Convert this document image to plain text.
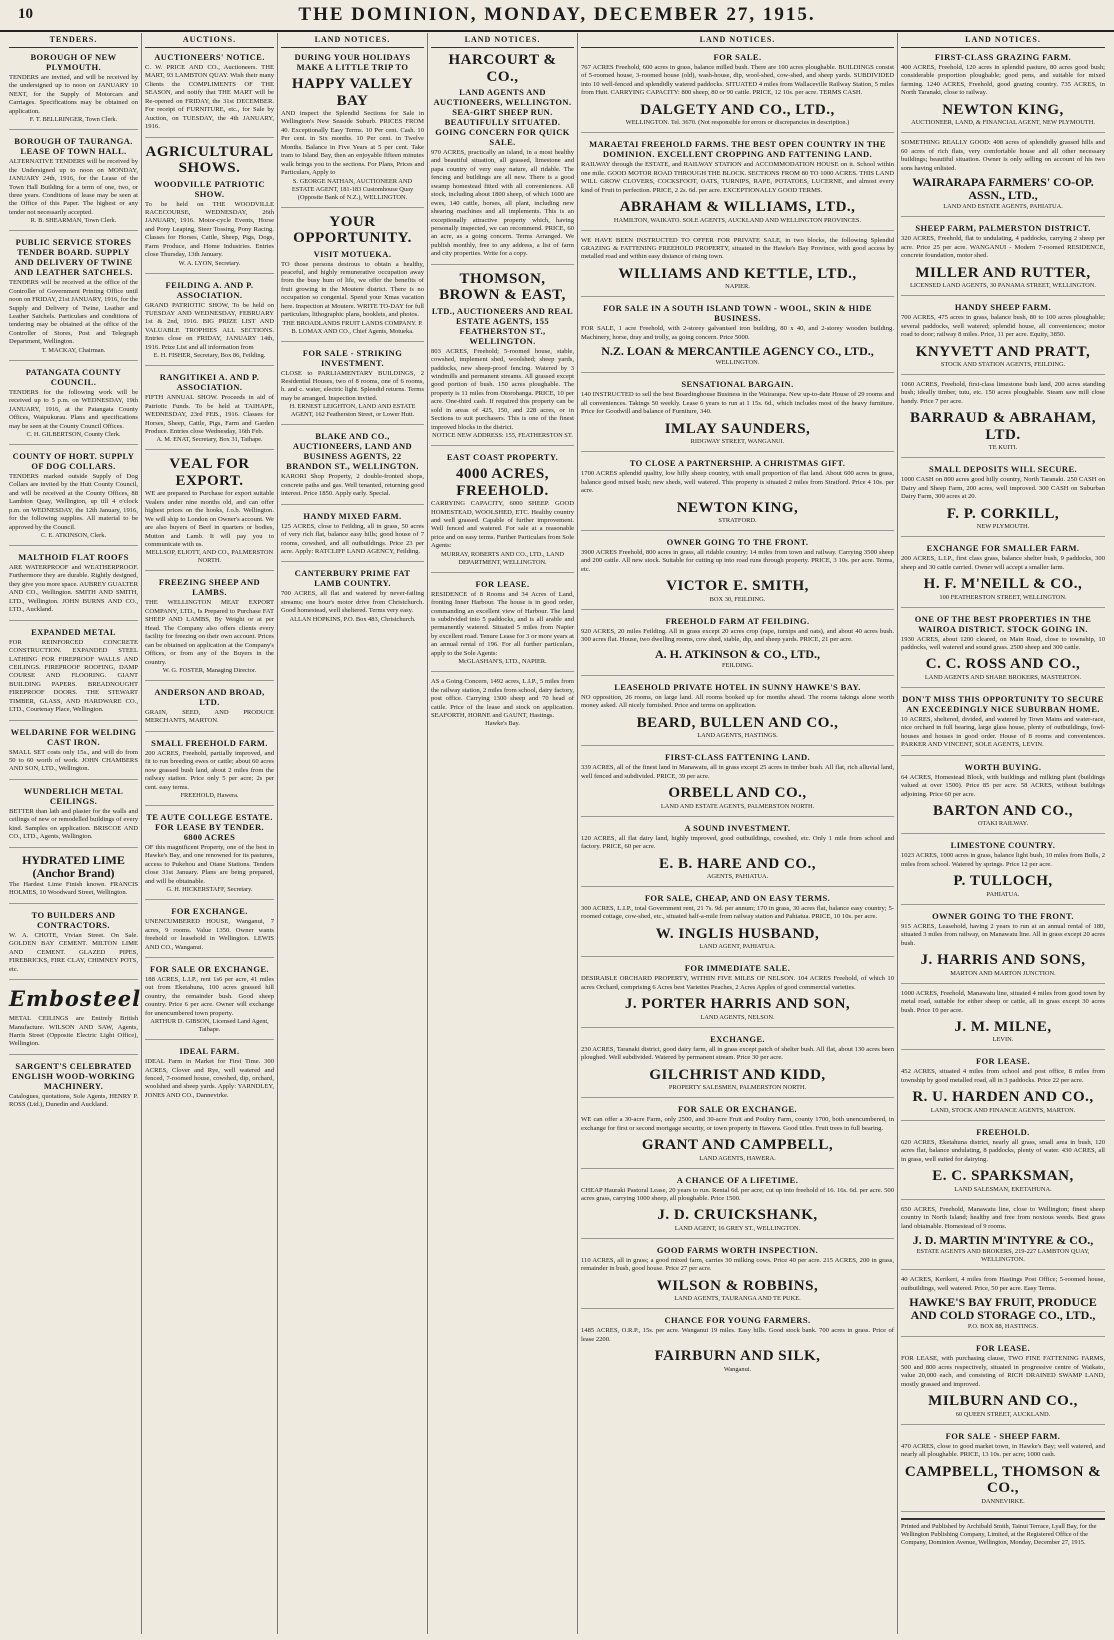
10	THE DOMINION, MONDAY, DECEMBER 27, 1915.
TENDERS.
BOROUGH OF NEW PLYMOUTH.
TENDERS are invited, and will be received by the undersigned up to noon on JANUARY 10 NEXT, for the Supply of Motorcars and Carriages. Specifications may be obtained on application.
F. T. BELLRINGER, Town Clerk.
BOROUGH OF TAURANGA. LEASE OF TOWN HALL.
ALTERNATIVE TENDERS will be received by the Undersigned up to noon on MONDAY, JANUARY 24th, 1916, for the Lease of the Town Hall Building for a term of one, two, or three years. Conditions of lease may be seen at the Office of this Paper. The highest or any tender not necessarily accepted.
R. B. SHEARMAN, Town Clerk.
PUBLIC SERVICE STORES TENDER BOARD. SUPPLY AND DELIVERY OF TWINE AND LEATHER SATCHELS.
TENDERS will be received at the office of the Controller of Government Printing Office until noon on FRIDAY, 21st JANUARY, 1916, for the Supply and Delivery of Twine, Leather and Leather Satchels. Particulars and conditions of tendering may be obtained at the office of the Controller of Stores, Post and Telegraph Department, Wellington.
T. MACKAY, Chairman.
PATANGATA COUNTY COUNCIL.
TENDERS for the following work will be received up to 5 p.m. on WEDNESDAY, 19th JANUARY, 1916, at the Patangata County Offices, Waipukurau. Plans and specifications may be seen at the County Council Offices.
C. H. GILBERTSON, County Clerk.
COUNTY OF HORT. SUPPLY OF DOG COLLARS.
TENDERS marked outside Supply of Dog Collars are invited by the Hutt County Council, and will be received at the County Offices, 88 Lambton Quay, Wellington, up till 4 o'clock p.m. on WEDNESDAY, the 12th January, 1916, for the following supplies. All material to be approved by the Council.
C. E. ATKINSON, Clerk.
MALTHOID FLAT ROOFS
ARE WATERPROOF and WEATHERPROOF. Furthermore they are durable. Rightly designed, they give you more space. AUBREY GUALTER AND CO., Wellington. SMITH AND SMITH, LTD., Wellington. JOHN BURNS AND CO., LTD., Auckland.
EXPANDED METAL
FOR REINFORCED CONCRETE CONSTRUCTION. EXPANDED STEEL LATHING FOR FIREPROOF WALLS AND CEILINGS. FIREPROOF ROOFING, DAMP COURSE AND FLOORING. GIANT BUILDING PAPERS. BREADNOUGHT FIREPROOF DOORS. THE STEWART TIMBER, GLASS, AND HARDWARE CO., LTD., Courtenay Place, Wellington.
WELDARINE FOR WELDING CAST IRON.
SMALL SET costs only 15s., and will do from 50 to 60 worth of work. JOHN CHAMBERS AND SON, LTD., Wellington.
WUNDERLICH METAL CEILINGS.
BETTER than lath and plaster for the walls and ceilings of new or remodelled buildings of every kind. Samples on application. BRISCOE AND CO., LTD., Agents, Wellington.
HYDRATED LIME (Anchor Brand)
The Hardest Lime Finish known. FRANCIS HOLMES, 10 Woodward Street, Wellington.
TO BUILDERS AND CONTRACTORS.
W. A. CHOTE, Vivian Street. On Sale. GOLDEN BAY CEMENT. MILTON LIME AND CEMENT. GLAZED PIPES, FIREBRICKS, FIRE CLAY, CHIMNEY POTS, etc.
Embosteel
METAL CEILINGS are Entirely British Manufacture. WILSON AND SAW, Agents, Harris Street (Opposite Electric Light Office), Wellington.
SARGENT'S CELEBRATED ENGLISH WOOD-WORKING MACHINERY.
Catalogues, quotations, Sole Agents, HENRY P. ROSS (Ltd.), Dunedin and Auckland.
AUCTIONS.
AUCTIONEERS' NOTICE.
C. W. PRICE AND CO., Auctioneers. THE MART, 93 LAMBTON QUAY. Wish their many Clients the COMPLIMENTS OF THE SEASON, and notify that THE MART will be Re-opened on FRIDAY, the 31st DECEMBER. For receipt of FURNITURE, etc., for Sale by Auction, on TUESDAY, the 4th JANUARY, 1916.
AGRICULTURAL SHOWS.
WOODVILLE PATRIOTIC SHOW.
To be held on THE WOODVILLE RACECOURSE, WEDNESDAY, 26th JANUARY, 1916. Motor-cycle Events, Horse and Pony Leaping, Steer Tossing, Pony Racing. Classes for Horses, Cattle, Sheep, Pigs, Dogs, Farm Produce, and Home Industries. Entries close Thursday, 13th January.
W. A. LYON, Secretary.
FEILDING A. AND P. ASSOCIATION.
GRAND PATRIOTIC SHOW, To be held on TUESDAY AND WEDNESDAY, FEBRUARY 1st & 2nd, 1916. BIG PRIZE LIST AND VALUABLE TROPHIES ALL SECTIONS. Entries close on FRIDAY, JANUARY 14th, 1916. Prize List and all information from
E. H. FISHER, Secretary, Box 86, Feilding.
RANGITIKEI A. AND P. ASSOCIATION.
FIFTH ANNUAL SHOW. Proceeds in aid of Patriotic Funds. To be held at TAIHAPE, WEDNESDAY, 23rd FEB., 1916. Classes for Horses, Sheep, Cattle, Pigs, Farm and Garden Produce. Entries close Wednesday, 16th Feb.
A. M. ENAT, Secretary, Box 31, Taihape.
VEAL FOR EXPORT.
WE are prepared to Purchase for export suitable Vealers under nine months old, and can offer highest prices on the hooks, f.o.b. Wellington. We will ship to London on Owner's account. We are also buyers of Beef in quarters or bodies, Mutton and Lamb. It will pay you to communicate with us.
MELLSOP, ELIOTT, AND CO., PALMERSTON NORTH.
FREEZING SHEEP AND LAMBS.
THE WELLINGTON MEAT EXPORT COMPANY, LTD., Is Prepared to Purchase FAT SHEEP AND LAMBS, By Weight or at per Head. The Company also offers clients every facility for freezing on their own account. Prices can be obtained on application at the Company's Offices, or from any of the Buyers in the country.
W. G. FOSTER, Managing Director.
ANDERSON AND BROAD, LTD.
GRAIN, SEED, AND PRODUCE MERCHANTS, MARTON.
SMALL FREEHOLD FARM.
200 ACRES, Freehold, partially improved, and fit to run breeding ewes or cattle; about 60 acres now grassed bush land, about 2 miles from the railway station. Price only 5 per acre; 2s per cent. easy terms.
FREEHOLD, Hawera.
TE AUTE COLLEGE ESTATE. FOR LEASE BY TENDER. 6800 ACRES
OF this magnificent Property, one of the best in Hawke's Bay, and one renowned for its pastures, access to Pukehou and Otane Stations. Tenders close 31st January. Plans are being prepared, and will be obtainable.
G. H. HICKERSTAFF, Secretary.
FOR EXCHANGE.
UNENCUMBERED HOUSE, Wanganui, 7 acres, 9 rooms. Value 1350. Owner wants freehold or leasehold in Wellington. LEWIS AND CO., Wanganui.
FOR SALE OR EXCHANGE.
188 ACRES, L.I.P., rent 1s6 per acre, 41 miles out from Eketahuna, 100 acres grassed hill country, the remainder bush. Good sheep country. Price 6 per acre. Owner will exchange for unencumbered town property.
ARTHUR D. GIBSON, Licensed Land Agent, Taihape.
IDEAL FARM.
IDEAL Farm in Market for First Time. 300 ACRES, Clover and Rye, well watered and fenced, 7-roomed house, cowshed, dip, orchard, woolshed and sheep yards. Apply: YARNDLEY, JONES AND CO., Dannevirke.
LAND NOTICES.
DURING YOUR HOLIDAYS MAKE A LITTLE TRIP TO
HAPPY VALLEY BAY
AND inspect the Splendid Sections for Sale in Wellington's New Seaside Suburb. PRICES FROM 40. Exceptionally Easy Terms. 10 Per cent. Cash. 10 Per cent. in Six months. 10 Per cent. in Twelve Months. Balance in Five Years at 5 per cent. Take tram to Island Bay, then an enjoyable fifteen minutes walk brings you to the sections. For Plans, Prices and Particulars, Apply to
S. GEORGE NATHAN, AUCTIONEER AND ESTATE AGENT, 181-183 Customhouse Quay (Opposite Bank of N.Z.), WELLINGTON.
YOUR OPPORTUNITY.
VISIT MOTUEKA.
TO those persons desirous to obtain a healthy, peaceful, and highly remunerative occupation away from the busy hum of life, we offer the benefits of fruit growing in the Moutere district. There is no occupation so congenial. Spend your Xmas vacation here. Inspection at Moutere. WRITE TO-DAY for full particulars, lithographic plans, booklets, and photos.
THE BROADLANDS FRUIT LANDS COMPANY. P. B. LOMAX AND CO., Chief Agents, Motueka.
FOR SALE - STRIKING INVESTMENT.
CLOSE to PARLIAMENTARY BUILDINGS, 2 Residential Houses, two of 8 rooms, one of 6 rooms, h. and c. water, electric light. Splendid returns. Terms may be arranged. Inspection invited.
H. ERNEST LEIGHTON, LAND AND ESTATE AGENT, 162 Featherston Street, or Lower Hutt.
BLAKE AND CO., AUCTIONEERS, LAND AND BUSINESS AGENTS, 22 BRANDON ST., WELLINGTON.
KARORI Shop Property, 2 double-fronted shops, concrete paths and gas. Well tenanted, returning good interest. Price 1850. Apply early. Special.
HANDY MIXED FARM.
125 ACRES, close to Feilding, all in grass, 50 acres of very rich flat, balance easy hills; good house of 7 rooms, cowshed, and all outbuildings. Price 23 per acre. Apply: RATCLIFF LAND AGENCY, Feilding.
CANTERBURY PRIME FAT LAMB COUNTRY.
700 ACRES, all flat and watered by never-failing streams; one hour's motor drive from Christchurch. Good homestead, well sheltered. Terms very easy.
ALLAN HOPKINS, P.O. Box 483, Christchurch.
LAND NOTICES.
HARCOURT & CO.,
LAND AGENTS AND AUCTIONEERS, WELLINGTON. SEA-GIRT SHEEP RUN. BEAUTIFULLY SITUATED. GOING CONCERN FOR QUICK SALE.
970 ACRES, practically an island, in a most healthy and beautiful situation, all grassed, limestone and papa country of very easy nature, all ridable. The fencing and buildings are all new. There is a good swamp homestead fitted with all conveniences. All stock, including about 1800 sheep, of which 1600 are ewes, 140 cattle, horses, all plant, including new shearing machines and all implements. This is an exceptionally attractive property which, having personally inspected, we can recommend. PRICE, 60 an acre, as a going concern. Terms Arranged. We publish monthly, free to any address, a list of farm and city properties. Write for a copy.
THOMSON, BROWN & EAST,
LTD., AUCTIONEERS AND REAL ESTATE AGENTS, 155 FEATHERSTON ST., WELLINGTON.
803 ACRES, Freehold; 5-roomed house, stable, cowshed, implement shed, woolshed; sheep yards, paddocks, new sheep-proof fencing. Watered by 3 windmills and permanent streams. All grassed except good portion of bush. 150 acres ploughable. The property is 11 miles from Otorohanga. PRICE, 10 per acre. One-third cash. If required this property can be sold in areas of 425, 150, and 228 acres, or in Sections to suit purchasers. This is one of the finest improved blocks in the district.
NOTICE NEW ADDRESS: 155, FEATHERSTON ST.
EAST COAST PROPERTY.
4000 ACRES, FREEHOLD.
CARRYING CAPACITY, 6000 SHEEP. GOOD HOMESTEAD, WOOLSHED, ETC. Healthy country and well grassed. Capable of further improvement. Well fenced and watered. For sale at a reasonable price and on easy terms. Further Particulars from Sole Agents:
MURRAY, ROBERTS AND CO., LTD., LAND DEPARTMENT, WELLINGTON.
FOR LEASE.
RESIDENCE of 8 Rooms and 34 Acres of Land, fronting Inner Harbour. The house is in good order, commanding an excellent view of Harbour. The land is subdivided into 5 paddocks, and is all arable and permanently watered. Situated 5 miles from Napier by excellent road. Tenure Lease for 3 or more years at an annual rental of 196. For all further particulars, apply to the Sole Agents:
McGLASHAN'S, LTD., NAPIER.
AS a Going Concern, 1492 acres, L.I.P., 5 miles from the railway station, 2 miles from school, dairy factory, post office. Carrying 1300 sheep and 70 head of cattle. Price of the lease and stock on application. SEAFORTH, HORNE and GAUNT, Hastings.
Hawke's Bay.
LAND NOTICES.
FOR SALE.
767 ACRES Freehold, 600 acres in grass, balance milled bush. There are 100 acres ploughable. BUILDINGS consist of 5-roomed house, 3-roomed house (old), wash-house, dip, wool-shed, cow-shed, and sheep yards. SUBDIVIDED into 10 well-fenced and splendidly watered paddocks. SITUATED 4 miles from Wallaceville Railway Station, 5 miles from Hutt. CARRYING CAPACITY: 800 sheep, 80 or 90 cattle. PRICE, 12 10s. per acre. TERMS CASH.
DALGETY AND CO., LTD.,
WELLINGTON. Tel. 3670. (Not responsible for errors or discrepancies in description.)
MARAETAI FREEHOLD FARMS. THE BEST OPEN COUNTRY IN THE DOMINION. EXCELLENT CROPPING AND FATTENING LAND.
RAILWAY through the ESTATE, and RAILWAY STATION and ACCOMMODATION HOUSE on it. School within one mile. GOOD MOTOR ROAD THROUGH THE BLOCK. SECTIONS FROM 80 TO 1000 ACRES. THIS LAND WILL GROW CLOVERS, COCKSFOOT, OATS, TURNIPS, RAPE, POTATOES, LUCERNE, and almost every kind of Fruit to perfection. PRICE, 2 2s. 6d. per acre. EXCEPTIONALLY GOOD TERMS.
ABRAHAM & WILLIAMS, LTD.,
HAMILTON, WAIKATO. SOLE AGENTS, AUCKLAND AND WELLINGTON PROVINCES.
WE HAVE BEEN INSTRUCTED TO OFFER FOR PRIVATE SALE, in two blocks, the following Splendid GRAZING & FATTENING FREEHOLD PROPERTY, situated in the Hawke's Bay Province, with good access by metalled road and within easy distance of rising town.
WILLIAMS AND KETTLE, LTD.,
NAPIER.
FOR SALE IN A SOUTH ISLAND TOWN - WOOL, SKIN & HIDE BUSINESS.
FOR SALE, 1 acre Freehold, with 2-storey galvanised iron building, 80 x 40, and 2-storey wooden building. Machinery, horse, dray and trolly, as going concern. Price 5000.
N.Z. LOAN & MERCANTILE AGENCY CO., LTD.,
WELLINGTON.
SENSATIONAL BARGAIN.
140 INSTRUCTED to sell the best Boardinghouse Business in the Wairarapa. New up-to-date House of 29 rooms and all conveniences. Takings 50 weekly. Lease 6 years to run at 1 15s. 6d., which includes most of the heavy furniture. Price for Goodwill and balance of Furniture, 340.
IMLAY SAUNDERS,
RIDGWAY STREET, WANGANUI.
TO CLOSE A PARTNERSHIP. A CHRISTMAS GIFT.
1700 ACRES splendid quality, low hilly sheep country, with small proportion of flat land. About 600 acres in grass, balance good mixed bush; new sheds, well watered. This property is situated 2 miles from Stratford. Price 4 10s. per acre.
NEWTON KING,
STRATFORD.
OWNER GOING TO THE FRONT.
3900 ACRES Freehold, 800 acres in grass, all ridable country; 14 miles from town and railway. Carrying 3500 sheep and 200 cattle. All new stock. Suitable for cutting up into road runs through property. PRICE, 3 10s. per acre. Terms, etc.
VICTOR E. SMITH,
BOX 30, FEILDING.
FREEHOLD FARM AT FEILDING.
920 ACRES, 20 miles Feilding. All in grass except 20 acres crop (rape, turnips and oats), and about 40 acres bush. 300 acres flat. House, two dwelling rooms, cow shed, stable, dip, and sheep yards. PRICE, 21 per acre.
A. H. ATKINSON & CO., LTD.,
FEILDING.
LEASEHOLD PRIVATE HOTEL IN SUNNY HAWKE'S BAY.
NO opposition, 26 rooms, on large land. All rooms booked up for months ahead. The rooms takings alone worth money asked. All nicely furnished. Price and terms on application.
BEARD, BULLEN AND CO.,
LAND AGENTS, HASTINGS.
FIRST-CLASS FATTENING LAND.
339 ACRES, all of the finest land in Manawatu, all in grass except 25 acres in timber bush. All flat, rich alluvial land, well fenced and subdivided. PRICE, 39 per acre.
ORBELL AND CO.,
LAND AND ESTATE AGENTS, PALMERSTON NORTH.
A SOUND INVESTMENT.
120 ACRES, all flat dairy land, highly improved, good outbuildings, cowshed, etc. Only 1 mile from school and factory. PRICE, 60 per acre.
E. B. HARE AND CO.,
AGENTS, PAHIATUA.
FOR SALE, CHEAP, AND ON EASY TERMS.
300 ACRES, L.I.P., total Government rent, 21 7s. 9d. per annum; 170 in grass, 30 acres flat, balance easy country; 5-roomed cottage, cow-shed, etc., situated half-a-mile from railway station and Pahiatua. PRICE, 10 10s. per acre.
W. INGLIS HUSBAND,
LAND AGENT, PAHIATUA.
FOR IMMEDIATE SALE.
DESIRABLE ORCHARD PROPERTY, WITHIN FIVE MILES OF NELSON. 104 ACRES Freehold, of which 10 acres Orchard, comprising 6 Acres best Varieties Peaches, 2 Acres Apples of good commercial varieties.
J. PORTER HARRIS AND SON,
LAND AGENTS, NELSON.
EXCHANGE.
230 ACRES, Taranaki district, good dairy farm, all in grass except patch of shelter bush. All flat, about 130 acres been ploughed. Well subdivided. Watered by permanent stream. Price 30 per acre.
GILCHRIST AND KIDD,
PROPERTY SALESMEN, PALMERSTON NORTH.
FOR SALE OR EXCHANGE.
WE can offer a 30-acre Farm, only 2500, and 30-acre Fruit and Poultry Farm, county 1700, both unencumbered, in exchange for first or second mortgage security, or town property in Hawera. Good titles. Fruit trees in full bearing.
GRANT AND CAMPBELL,
LAND AGENTS, HAWERA.
A CHANCE OF A LIFETIME.
CHEAP Hauraki Pastoral Lease, 20 years to run. Rental 6d. per acre; cut up into freehold of 16. 16s. 6d. per acre. 500 acres grass, carrying 1000 sheep, all ploughable. Price 1500.
J. D. CRUICKSHANK,
LAND AGENT, 16 GREY ST., WELLINGTON.
GOOD FARMS WORTH INSPECTION.
110 ACRES, all in grass; a good mixed farm, carries 30 milking cows. Price 40 per acre. 215 ACRES, 200 in grass, remainder in bush, good house. Price 27 per acre.
WILSON & ROBBINS,
LAND AGENTS, TAURANGA AND TE PUKE.
CHANCE FOR YOUNG FARMERS.
1485 ACRES, O.R.P., 15s. per acre. Wanganui 19 miles. Easy hills. Good stock bank. 700 acres in grass. Price of lease 2200.
FAIRBURN AND SILK,
Wanganui.
LAND NOTICES.
FIRST-CLASS GRAZING FARM.
400 ACRES, Freehold, 120 acres in splendid pasture, 80 acres good bush; considerable proportion ploughable; good pens, and suitable for mixed farming. 1240 ACRES, Freehold, good grazing country. 735 ACRES, in North Taranaki, close to railway.
NEWTON KING,
AUCTIONEER, LAND, & FINANCIAL AGENT, NEW PLYMOUTH.
SOMETHING REALLY GOOD: 408 acres of splendidly grassed hills and 60 acres of rich flats, very comfortable house and all other necessary buildings; beautiful situation. Owner is only selling on account of his two sons having enlisted.
WAIRARAPA FARMERS' CO-OP. ASSN., LTD.,
LAND AND ESTATE AGENTS, PAHIATUA.
SHEEP FARM, PALMERSTON DISTRICT.
320 ACRES, Freehold, flat to undulating, 4 paddocks, carrying 2 sheep per acre. Price 25 per acre. WANGANUI - Modern 7-roomed RESIDENCE, concrete foundation, motor shed.
MILLER AND RUTTER,
LICENSED LAND AGENTS, 30 PANAMA STREET, WELLINGTON.
HANDY SHEEP FARM.
700 ACRES, 475 acres in grass, balance bush, 80 to 100 acres ploughable; several paddocks, well watered; splendid house, all conveniences; motor road to door; railway 8 miles. Price, 11 per acre. Equity, 3850.
KNYVETT AND PRATT,
STOCK AND STATION AGENTS, FEILDING.
1060 ACRES, Freehold, first-class limestone bush land, 200 acres standing bush; ideally timber, tutu, etc. 150 acres ploughable. Steam saw mill close handy. Price 7 per acre.
BARRAUD & ABRAHAM, LTD.
TE KUITI.
SMALL DEPOSITS WILL SECURE.
1000 CASH on 800 acres good hilly country, North Taranaki. 250 CASH on Dairy and Sheep Farm, 200 acres, well improved. 300 CASH on Suburban Dairy Farm, 300 acres at 20.
F. P. CORKILL,
NEW PLYMOUTH.
EXCHANGE FOR SMALLER FARM.
200 ACRES, L.I.P., first class grass, balance shelter bush, 9 paddocks, 300 sheep and 30 cattle carried. Owner will accept a smaller farm.
H. F. M'NEILL & CO.,
100 FEATHERSTON STREET, WELLINGTON.
ONE OF THE BEST PROPERTIES IN THE WAIROA DISTRICT. STOCK GOING IN.
1930 ACRES, about 1200 cleared, on Main Road, close to township, 10 paddocks, well watered and sound grass. 2500 sheep and 300 cattle.
C. C. ROSS AND CO.,
LAND AGENTS AND SHARE BROKERS, MASTERTON.
DON'T MISS THIS OPPORTUNITY TO SECURE AN EXCEEDINGLY NICE SUBURBAN HOME.
10 ACRES, sheltered, divided, and watered by Town Mains and water-race, nice orchard in full bearing, large glass house, plenty of outbuildings, fowl-houses and houses in good order. House of 8 rooms and conveniences. PARKER AND VINCENT, SOLE AGENTS, LEVIN.
WORTH BUYING.
64 ACRES, Homestead Block, with buildings and milking plant (buildings valued at over 1500). Price 85 per acre. 58 ACRES, without buildings adjoining. Price 60 per acre.
BARTON AND CO.,
OTAKI RAILWAY.
LIMESTONE COUNTRY.
1023 ACRES, 1000 acres in grass, balance light bush, 10 miles from Bulls, 2 miles from school. Watered by springs. Price 12 per acre.
P. TULLOCH,
PAHIATUA.
OWNER GOING TO THE FRONT.
915 ACRES, Leasehold, having 2 years to run at an annual rental of 180, situated 3 miles from railway, on Manawatu line. All in grass except 20 acres bush.
J. HARRIS AND SONS,
MARTON AND MARTON JUNCTION.
1000 ACRES, Freehold, Manawatu line, situated 4 miles from good town by metal road, suitable for either sheep or cattle, all in grass except 30 acres bush. Price 10 per acre.
J. M. MILNE,
LEVIN.
FOR LEASE.
452 ACRES, situated 4 miles from school and post office, 8 miles from township by good metalled road, all in 3 paddocks. Price 22 per acre.
R. U. HARDEN AND CO.,
LAND, STOCK AND FINANCE AGENTS, MARTON.
FREEHOLD.
620 ACRES, Eketahuna district, nearly all grass, small area in bush, 120 acres flat, balance undulating, 8 paddocks, plenty of water. 430 ACRES, all in grass, well suited for dairying.
E. C. SPARKSMAN,
LAND SALESMAN, EKETAHUNA.
650 ACRES, Freehold, Manawatu line, close to Wellington; finest sheep country in North Island; healthy and free from noxious weeds. Best grass land obtainable. Homestead of 9 rooms.
J. D. MARTIN M'INTYRE & CO.,
ESTATE AGENTS AND BROKERS, 219-227 LAMBTON QUAY, WELLINGTON.
40 ACRES, Kerikeri, 4 miles from Hastings Post Office; 5-roomed house, outbuildings, well watered. Price, 50 per acre. Easy Terms.
HAWKE'S BAY FRUIT, PRODUCE AND COLD STORAGE CO., LTD.,
P.O. BOX 88, HASTINGS.
FOR LEASE.
FOR LEASE, with purchasing clause, TWO FINE FATTENING FARMS, 500 and 800 acres respectively, situated in progressive centre of Waikato, value 20,000 each, and consisting of RICH DRAINED SWAMP LAND, mostly grassed and improved.
MILBURN AND CO.,
60 QUEEN STREET, AUCKLAND.
FOR SALE - SHEEP FARM.
470 ACRES, close to good market town, in Hawke's Bay; well watered, and nearly all ploughable. PRICE, 13 10s. per acre; 1000 cash.
CAMPBELL, THOMSON & CO.,
DANNEVIRKE.
Printed and Published by Archibald Smith, Tainui Terrace, Lyall Bay, for the Wellington Publishing Company, Limited, at the Registered Office of the Company, Dominion Avenue, Wellington, Monday, December 27, 1915.
